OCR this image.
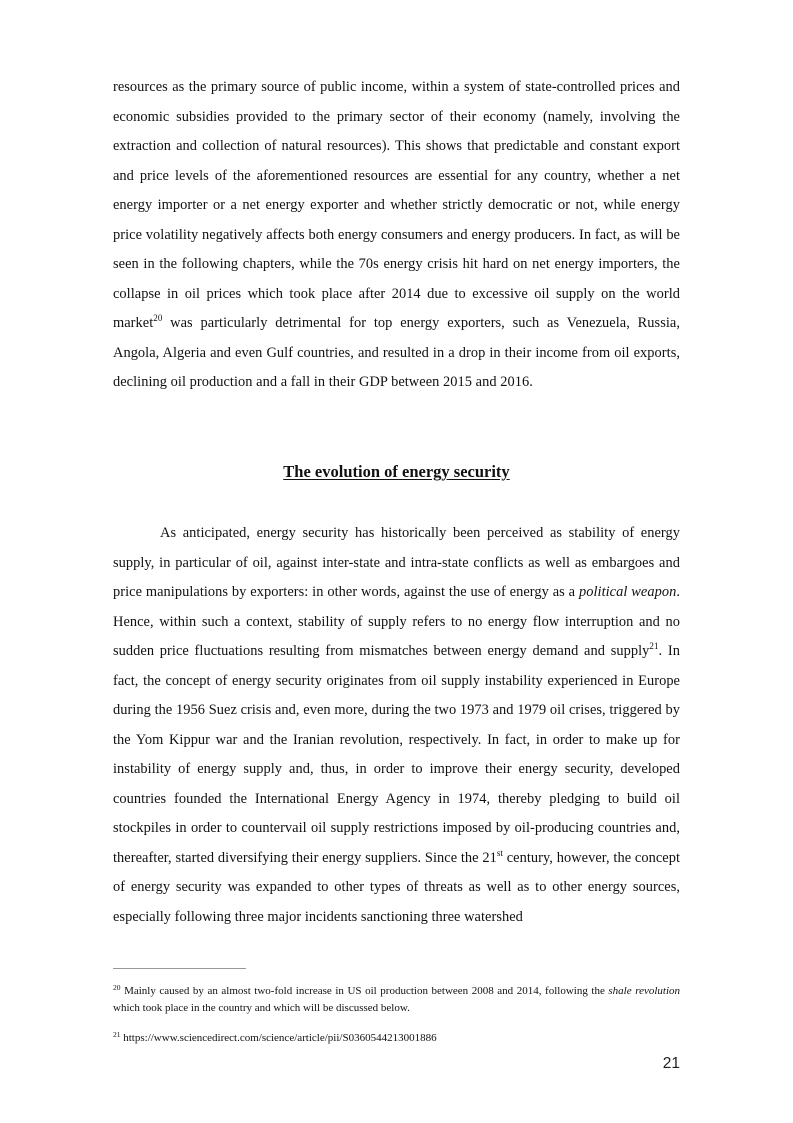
resources as the primary source of public income, within a system of state-controlled prices and economic subsidies provided to the primary sector of their economy (namely, involving the extraction and collection of natural resources). This shows that predictable and constant export and price levels of the aforementioned resources are essential for any country, whether a net energy importer or a net energy exporter and whether strictly democratic or not, while energy price volatility negatively affects both energy consumers and energy producers. In fact, as will be seen in the following chapters, while the 70s energy crisis hit hard on net energy importers, the collapse in oil prices which took place after 2014 due to excessive oil supply on the world market$^{20}$ was particularly detrimental for top energy exporters, such as Venezuela, Russia, Angola, Algeria and even Gulf countries, and resulted in a drop in their income from oil exports, declining oil production and a fall in their GDP between 2015 and 2016.

The evolution of energy security

As anticipated, energy security has historically been perceived as stability of energy supply, in particular of oil, against inter-state and intra-state conflicts as well as embargoes and price manipulations by exporters: in other words, against the use of energy as a political weapon. Hence, within such a context, stability of supply refers to no energy flow interruption and no sudden price fluctuations resulting from mismatches between energy demand and supply$^{21}$. In fact, the concept of energy security originates from oil supply instability experienced in Europe during the 1956 Suez crisis and, even more, during the two 1973 and 1979 oil crises, triggered by the Yom Kippur war and the Iranian revolution, respectively. In fact, in order to make up for instability of energy supply and, thus, in order to improve their energy security, developed countries founded the International Energy Agency in 1974, thereby pledging to build oil stockpiles in order to countervail oil supply restrictions imposed by oil-producing countries and, thereafter, started diversifying their energy suppliers. Since the 21st century, however, the concept of energy security was expanded to other types of threats as well as to other energy sources, especially following three major incidents sanctioning three watershed

$^{20}$ Mainly caused by an almost two-fold increase in US oil production between 2008 and 2014, following the shale revolution which took place in the country and which will be discussed below.

$^{21}$ https://www.sciencedirect.com/science/article/pii/S0360544213001886

21
